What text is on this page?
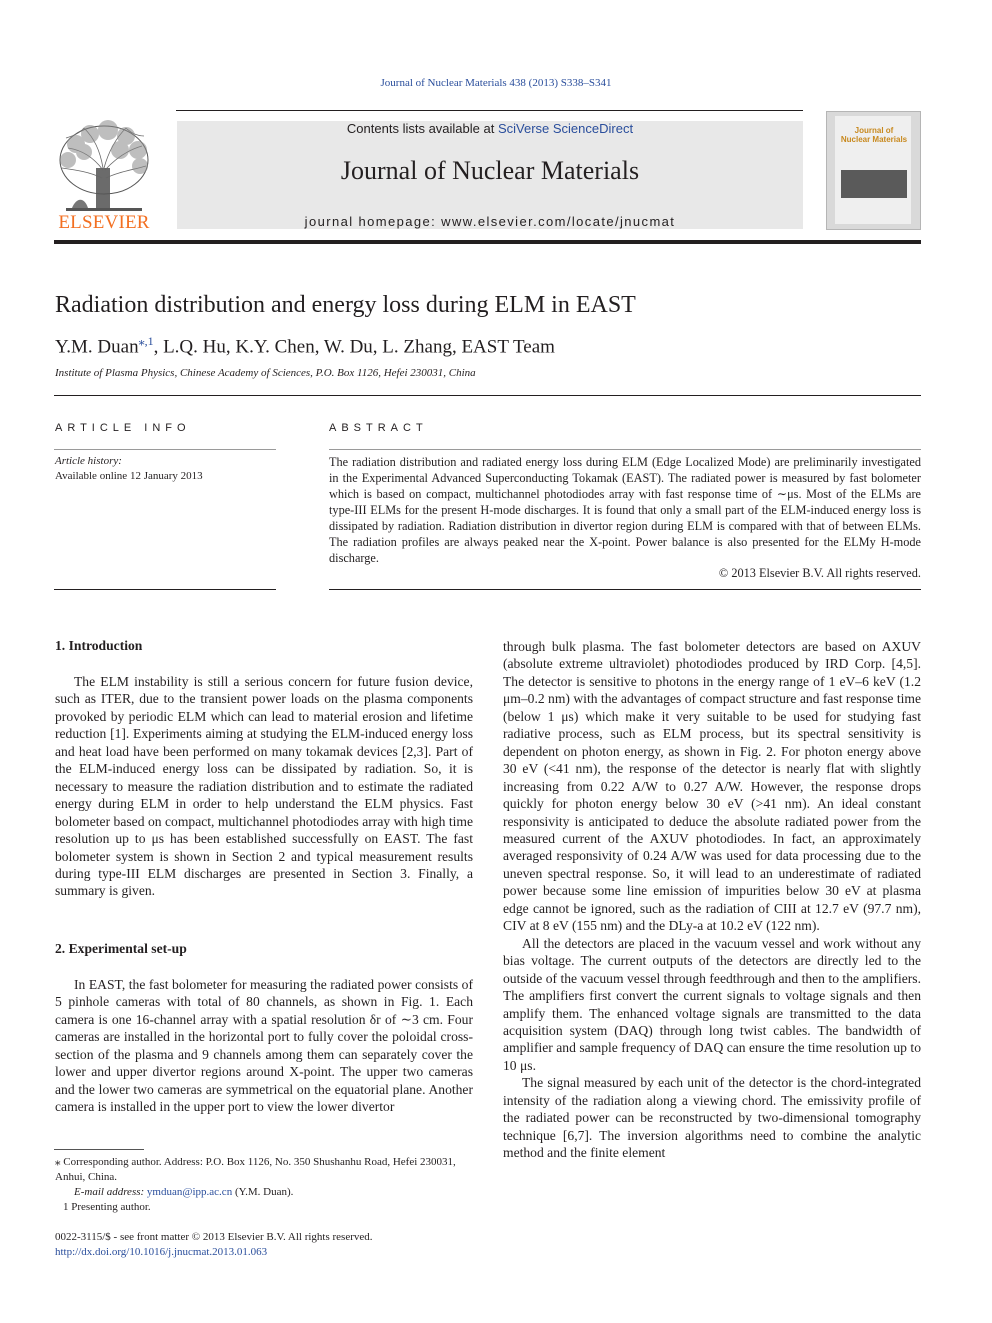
Journal of Nuclear Materials 438 (2013) S338–S341
ELSEVIER
Contents lists available at SciVerse ScienceDirect
Journal of Nuclear Materials
journal homepage: www.elsevier.com/locate/jnucmat
Journal of Nuclear Materials
Radiation distribution and energy loss during ELM in EAST
Y.M. Duan$^{⁎,1}$, L.Q. Hu, K.Y. Chen, W. Du, L. Zhang, EAST Team
Institute of Plasma Physics, Chinese Academy of Sciences, P.O. Box 1126, Hefei 230031, China
ARTICLE INFO
Article history:
Available online 12 January 2013
ABSTRACT
The radiation distribution and radiated energy loss during ELM (Edge Localized Mode) are preliminarily investigated in the Experimental Advanced Superconducting Tokamak (EAST). The radiated power is measured by fast bolometer which is based on compact, multichannel photodiodes array with fast response time of ∼μs. Most of the ELMs are type-III ELMs for the present H-mode discharges. It is found that only a small part of the ELM-induced energy loss is dissipated by radiation. Radiation distribution in divertor region during ELM is compared with that of between ELMs. The radiation profiles are always peaked near the X-point. Power balance is also presented for the ELMy H-mode discharge.
© 2013 Elsevier B.V. All rights reserved.
1. Introduction

The ELM instability is still a serious concern for future fusion device, such as ITER, due to the transient power loads on the plasma components provoked by periodic ELM which can lead to material erosion and lifetime reduction [1]. Experiments aiming at studying the ELM-induced energy loss and heat load have been performed on many tokamak devices [2,3]. Part of the ELM-induced energy loss can be dissipated by radiation. So, it is necessary to measure the radiation distribution and to estimate the radiated energy during ELM in order to help understand the ELM physics. Fast bolometer based on compact, multichannel photodiodes array with high time resolution up to μs has been established successfully on EAST. The fast bolometer system is shown in Section 2 and typical measurement results during type-III ELM discharges are presented in Section 3. Finally, a summary is given.

2. Experimental set-up

In EAST, the fast bolometer for measuring the radiated power consists of 5 pinhole cameras with total of 80 channels, as shown in Fig. 1. Each camera is one 16-channel array with a spatial resolution δr of ∼3 cm. Four cameras are installed in the horizontal port to fully cover the poloidal cross-section of the plasma and 9 channels among them can separately cover the lower and upper divertor regions around X-point. The upper two cameras and the lower two cameras are symmetrical on the equatorial plane. Another camera is installed in the upper port to view the lower divertor

⁎ Corresponding author. Address: P.O. Box 1126, No. 350 Shushanhu Road, Hefei 230031, Anhui, China.

E-mail address: ymduan@ipp.ac.cn (Y.M. Duan).

1 Presenting author.

0022-3115/$ - see front matter © 2013 Elsevier B.V. All rights reserved.
http://dx.doi.org/10.1016/j.jnucmat.2013.01.063

through bulk plasma. The fast bolometer detectors are based on AXUV (absolute extreme ultraviolet) photodiodes produced by IRD Corp. [4,5]. The detector is sensitive to photons in the energy range of 1 eV–6 keV (1.2 μm–0.2 nm) with the advantages of compact structure and fast response time (below 1 μs) which make it very suitable to be used for studying fast radiative process, such as ELM process, but its spectral sensitivity is dependent on photon energy, as shown in Fig. 2. For photon energy above 30 eV (<41 nm), the response of the detector is nearly flat with slightly increasing from 0.22 A/W to 0.27 A/W. However, the response drops quickly for photon energy below 30 eV (>41 nm). An ideal constant responsivity is anticipated to deduce the absolute radiated power from the measured current of the AXUV photodiodes. In fact, an approximately averaged responsivity of 0.24 A/W was used for data processing due to the uneven spectral response. So, it will lead to an underestimate of radiated power because some line emission of impurities below 30 eV at plasma edge cannot be ignored, such as the radiation of CIII at 12.7 eV (97.7 nm), CIV at 8 eV (155 nm) and the DLy-a at 10.2 eV (122 nm).

All the detectors are placed in the vacuum vessel and work without any bias voltage. The current outputs of the detectors are directly led to the outside of the vacuum vessel through feedthrough and then to the amplifiers. The amplifiers first convert the current signals to voltage signals and then amplify them. The enhanced voltage signals are transmitted to the data acquisition system (DAQ) through long twist cables. The bandwidth of amplifier and sample frequency of DAQ can ensure the time resolution up to 10 μs.

The signal measured by each unit of the detector is the chord-integrated intensity of the radiation along a viewing chord. The emissivity profile of the radiated power can be reconstructed by two-dimensional tomography technique [6,7]. The inversion algorithms need to combine the analytic method and the finite element
